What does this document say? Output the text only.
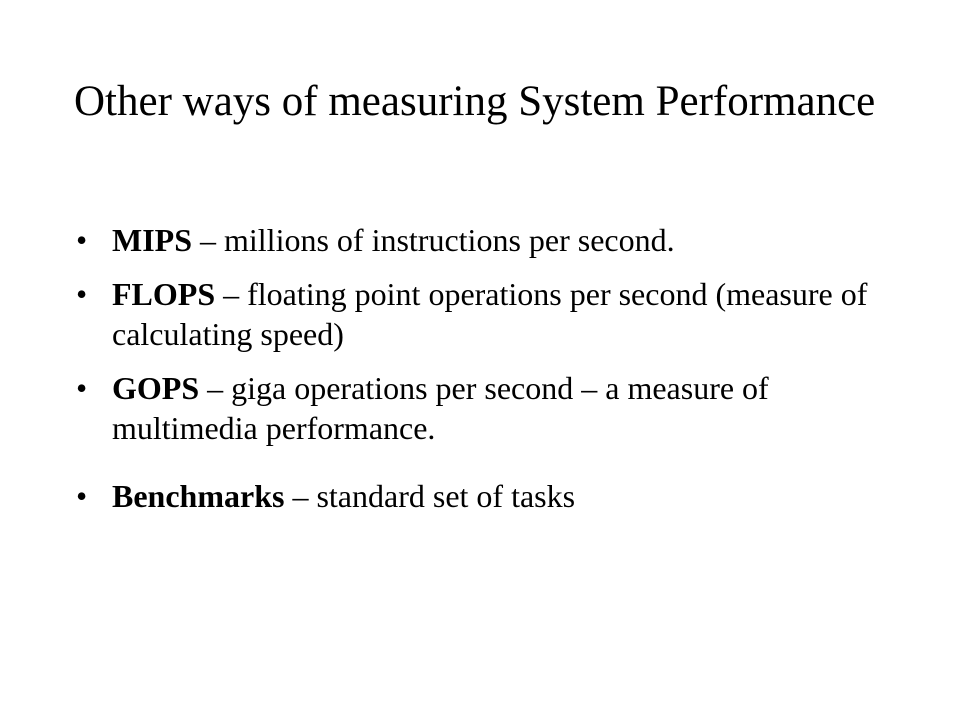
Other ways of measuring System Performance
• MIPS – millions of instructions per second.
• FLOPS – floating point operations per second (measure of calculating speed)
• GOPS – giga operations per second – a measure of multimedia performance.
• Benchmarks – standard set of tasks
